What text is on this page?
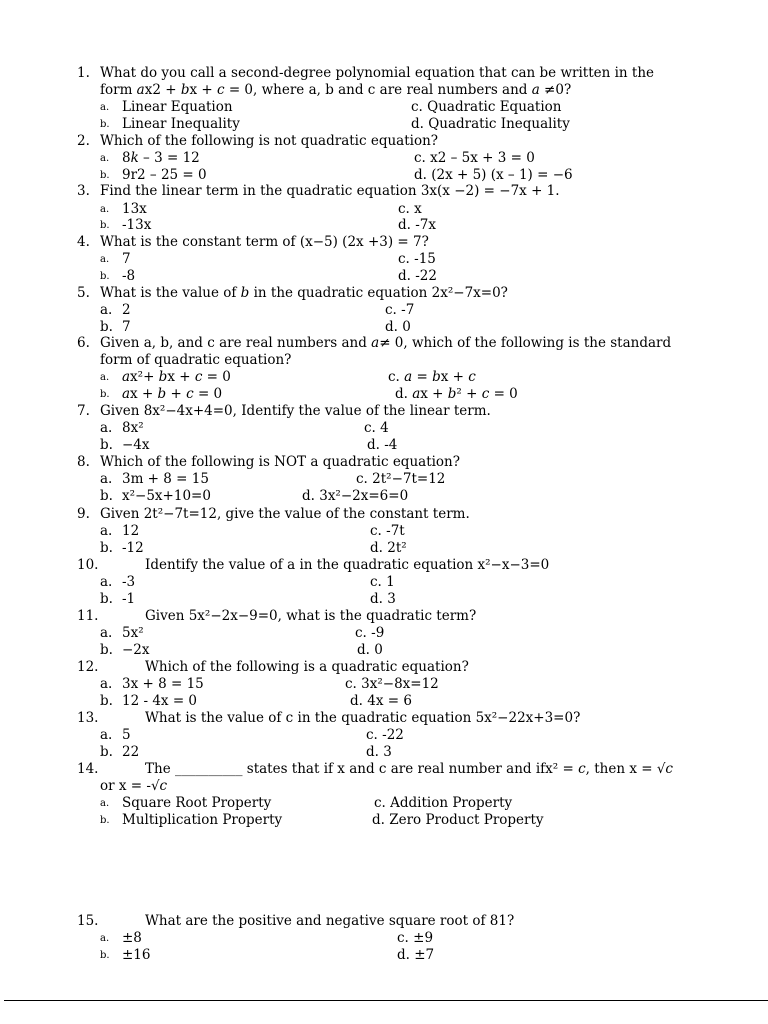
1. What do you call a second-degree polynomial equation that can be written in the
form 𝑎x2 + 𝑏x + 𝑐 = 0, where a, b and c are real numbers and 𝑎 ≠0?
a. Linear Equation	c. Quadratic Equation
b. Linear Inequality	d. Quadratic Inequality
2. Which of the following is not quadratic equation?
a. 8𝑘 – 3 = 12	c. x2 – 5x + 3 = 0
b. 9r2 – 25 = 0	d. (2x + 5) (x – 1) = −6
3. Find the linear term in the quadratic equation 3x(x −2) = −7x + 1.
a. 13x	c. x
b. -13x	d. -7x
4. What is the constant term of (x−5) (2x +3) = 7?
a. 7	c. -15
b. -8	d. -22
5. What is the value of 𝑏 in the quadratic equation 2x²−7x=0?
a. 2	c. -7
b. 7	d. 0
6. Given a, b, and c are real numbers and 𝑎≠ 0, which of the following is the standard
form of quadratic equation?
a. 𝑎x²+ 𝑏x + 𝑐 = 0	c. 𝑎 = 𝑏x + 𝑐
b. 𝑎x + 𝑏 + 𝑐 = 0	d. 𝑎x + 𝑏² + 𝑐 = 0
7. Given 8x²−4x+4=0, Identify the value of the linear term.
a. 8x²	c. 4
b. −4x	d. -4
8. Which of the following is NOT a quadratic equation?
a. 3m + 8 = 15	c. 2t²−7t=12
b. x²−5x+10=0	d. 3x²−2x=6=0
9. Given 2t²−7t=12, give the value of the constant term.
a. 12	c. -7t
b. -12	d. 2t²
10.	Identify the value of a in the quadratic equation x²−x−3=0
a. -3	c. 1
b. -1	d. 3
11.	Given 5x²−2x−9=0, what is the quadratic term?
a. 5x²	c. -9
b. −2x	d. 0
12.	Which of the following is a quadratic equation?
a. 3x + 8 = 15	c. 3x²−8x=12
b. 12 - 4x = 0	d. 4x = 6
13.	What is the value of c in the quadratic equation 5x²−22x+3=0?
a. 5	c. -22
b. 22	d. 3
14.	The __________ states that if x and c are real number and ifx² = 𝑐, then x = √𝑐
or x = -√𝑐
a. Square Root Property	c. Addition Property
b. Multiplication Property	d. Zero Product Property
15.	What are the positive and negative square root of 81?
a. ±8	c. ±9
b. ±16	d. ±7
